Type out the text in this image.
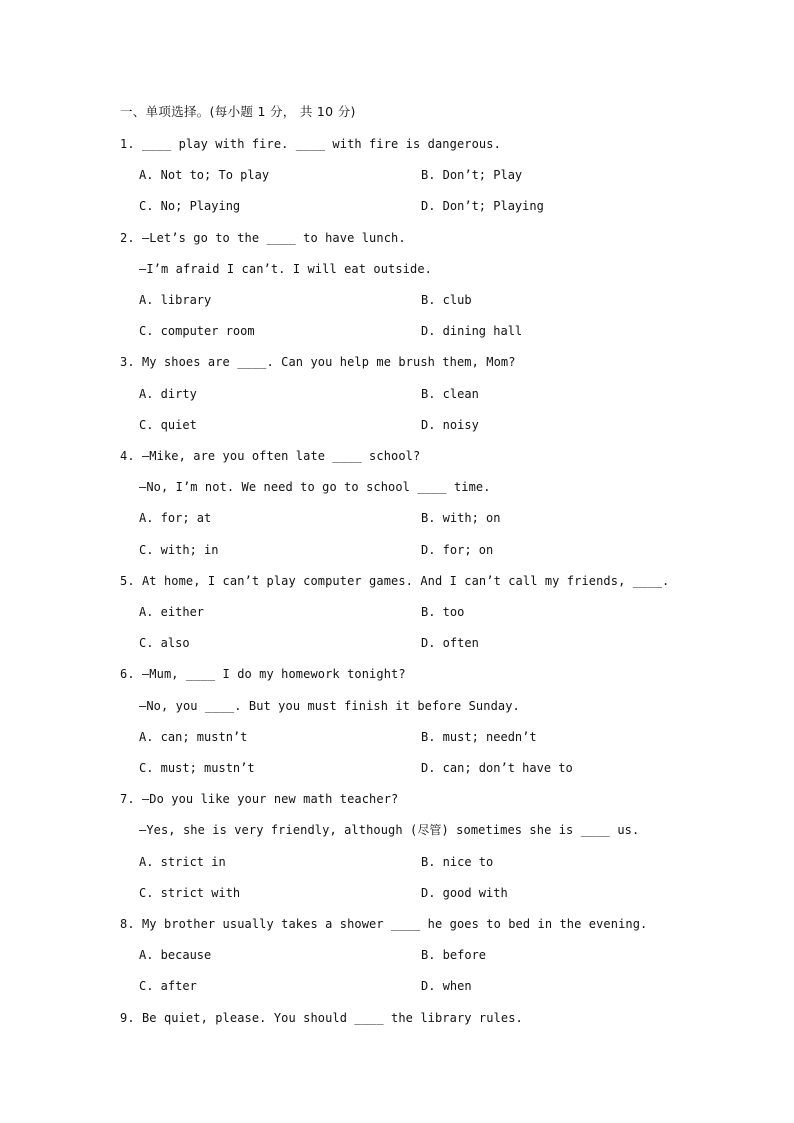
一、单项选择。(每小题 1 分， 共 10 分)
1. ____ play with fire. ____ with fire is dangerous.
A. Not to; To play	B. Don’t; Play
C. No; Playing	D. Don’t; Playing
2. —Let’s go to the ____ to have lunch.
—I’m afraid I can’t. I will eat outside.
A. library	B. club
C. computer room	D. dining hall
3. My shoes are ____. Can you help me brush them, Mom?
A. dirty	B. clean
C. quiet	D. noisy
4. —Mike, are you often late ____ school?
—No, I’m not. We need to go to school ____ time.
A. for; at	B. with; on
C. with; in	D. for; on
5. At home, I can’t play computer games. And I can’t call my friends, ____.
A. either	B. too
C. also	D. often
6. —Mum, ____ I do my homework tonight?
—No, you ____. But you must finish it before Sunday.
A. can; mustn’t	B. must; needn’t
C. must; mustn’t	D. can; don’t have to
7. —Do you like your new math teacher?
—Yes, she is very friendly, although (尽管) sometimes she is ____ us.
A. strict in	B. nice to
C. strict with	D. good with
8. My brother usually takes a shower ____ he goes to bed in the evening.
A. because	B. before
C. after	D. when
9. Be quiet, please. You should ____ the library rules.
